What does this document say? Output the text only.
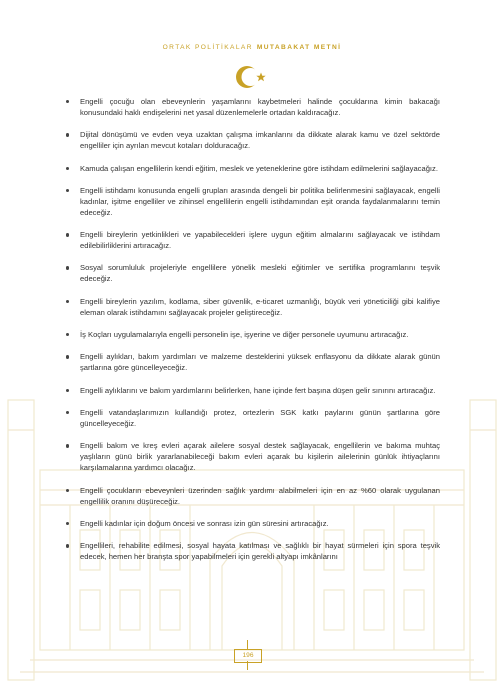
ORTAK POLİTİKALAR MUTABAKAT METNİ
Engelli çocuğu olan ebeveynlerin yaşamlarını kaybetmeleri halinde çocuklarına kimin bakacağı konusundaki haklı endişelerini net yasal düzenlemelerle ortadan kaldıracağız.
Dijital dönüşümü ve evden veya uzaktan çalışma imkanlarını da dikkate alarak kamu ve özel sektörde engelliler için ayrılan mevcut kotaları dolduracağız.
Kamuda çalışan engellilerin kendi eğitim, meslek ve yeteneklerine göre istihdam edilmelerini sağlayacağız.
Engelli istihdamı konusunda engelli grupları arasında dengeli bir politika belirlenmesini sağlayacak, engelli kadınlar, işitme engelliler ve zihinsel engellilerin engelli istihdamından eşit oranda faydalanmalarını temin edeceğiz.
Engelli bireylerin yetkinlikleri ve yapabilecekleri işlere uygun eğitim almalarını sağlayacak ve istihdam edilebilirliklerini artıracağız.
Sosyal sorumluluk projeleriyle engellilere yönelik mesleki eğitimler ve sertifika programlarını teşvik edeceğiz.
Engelli bireylerin yazılım, kodlama, siber güvenlik, e-ticaret uzmanlığı, büyük veri yöneticiliği gibi kalifiye eleman olarak istihdamını sağlayacak projeler geliştireceğiz.
İş Koçları uygulamalarıyla engelli personelin işe, işyerine ve diğer personele uyumunu artıracağız.
Engelli aylıkları, bakım yardımları ve malzeme desteklerini yüksek enflasyonu da dikkate alarak günün şartlarına göre güncelleyeceğiz.
Engelli aylıklarını ve bakım yardımlarını belirlerken, hane içinde fert başına düşen gelir sınırını artıracağız.
Engelli vatandaşlarımızın kullandığı protez, ortezlerin SGK katkı paylarını günün şartlarına göre güncelleyeceğiz.
Engelli bakım ve kreş evleri açarak ailelere sosyal destek sağlayacak, engellilerin ve bakıma muhtaç yaşlıların günü birlik yararlanabileceği bakım evleri açarak bu kişilerin ailelerinin günlük ihtiyaçlarını karşılamalarına yardımcı olacağız.
Engelli çocukların ebeveynleri üzerinden sağlık yardımı alabilmeleri için en az %60 olarak uygulanan engellilik oranını düşüreceğiz.
Engelli kadınlar için doğum öncesi ve sonrası izin gün süresini artıracağız.
Engellileri, rehabilite edilmesi, sosyal hayata katılması ve sağlıklı bir hayat sürmeleri için spora teşvik edecek, hemen her branşta spor yapabilmeleri için gerekli altyapı imkânlarını
196
